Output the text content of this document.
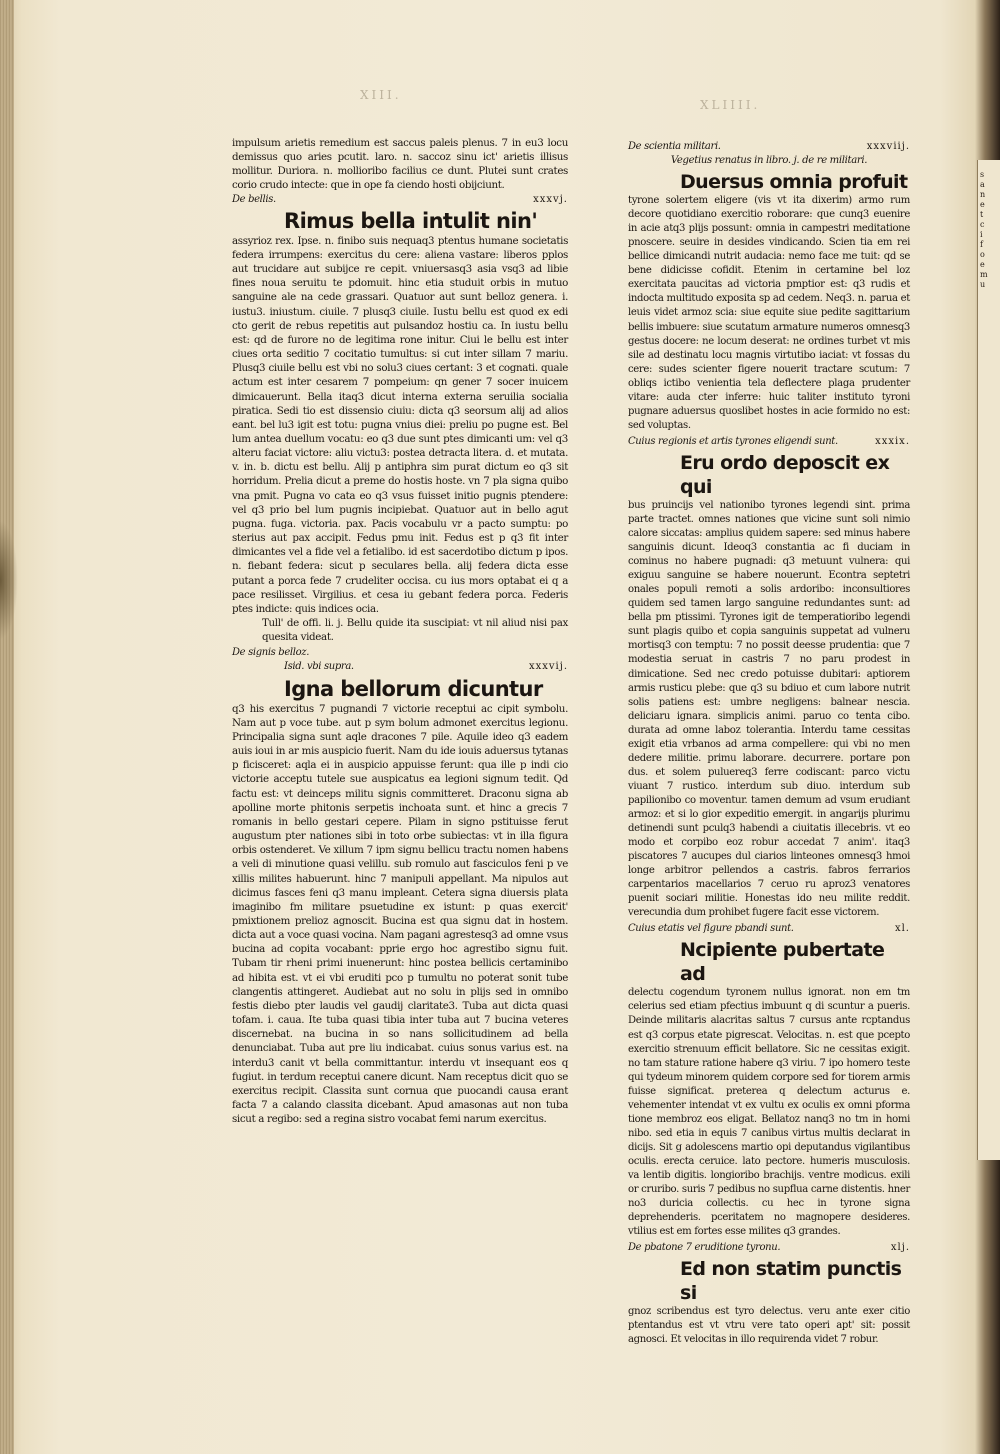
XIII.
XLIIII.

impulsum arietis remedium est saccus paleis plenus. 7 in eu3 locu demissus quo aries pcutit. laro. n. saccoz sinu ict' arietis illisus mollitur. Duriora. n. mollioribo facilius ce dunt. Plutei sunt crates corio crudo intecte: que in ope fa ciendo hosti obijciunt.

De bellis.	xxxvj.

Rimus bella intulit nin'

assyrioz rex. Ipse. n. finibo suis nequaq3 ptentus humane societatis federa irrumpens: exercitus du cere: aliena vastare: liberos pplos aut trucidare aut subijce re cepit. vniuersasq3 asia vsq3 ad libie fines noua seruitu te pdomuit. hinc etia studuit orbis in mutuo sanguine ale na cede grassari. Quatuor aut sunt belloz genera. i. iustu3. iniustum. ciuile. 7 plusq3 ciuile. Iustu bellu est quod ex edi cto gerit de rebus repetitis aut pulsandoz hostiu ca. In iustu bellu est: qd de furore no de legitima rone initur. Ciui le bellu est inter ciues orta seditio 7 cocitatio tumultus: si cut inter sillam 7 mariu. Plusq3 ciuile bellu est vbi no solu3 ciues certant: 3 et cognati. quale actum est inter cesarem 7 pompeium: qn gener 7 socer inuicem dimicauerunt. Bella itaq3 dicut interna externa seruilia socialia piratica. Sedi tio est dissensio ciuiu: dicta q3 seorsum alij ad alios eant. bel lu3 igit est totu: pugna vnius diei: preliu po pugne est. Bel lum antea duellum vocatu: eo q3 due sunt ptes dimicanti um: vel q3 alteru faciat victore: aliu victu3: postea detracta litera. d. et mutata. v. in. b. dictu est bellu. Alij p antiphra sim purat dictum eo q3 sit horridum. Prelia dicut a preme do hostis hoste. vn 7 pla signa quibo vna pmit. Pugna vo cata eo q3 vsus fuisset initio pugnis ptendere: vel q3 prio bel lum pugnis incipiebat. Quatuor aut in bello agut pugna. fuga. victoria. pax. Pacis vocabulu vr a pacto sumptu: po sterius aut pax accipit. Fedus pmu init. Fedus est p q3 fit inter dimicantes vel a fide vel a fetialibo. id est sacerdotibo dictum p ipos. n. fiebant federa: sicut p seculares bella. alij federa dicta esse putant a porca fede 7 crudeliter occisa. cu ius mors optabat ei q a pace resilisset. Virgilius. et cesa iu gebant federa porca. Federis ptes indicte: quis indices ocia.

Tull' de offi. li. j. Bellu quide ita suscipiat: vt nil aliud nisi pax quesita videat.

De signis belloz.

Isid. vbi supra.	xxxvij.

Igna bellorum dicuntur

q3 his exercitus 7 pugnandi 7 victorie receptui ac cipit symbolu. Nam aut p voce tube. aut p sym bolum admonet exercitus legionu. Principalia signa sunt aqle dracones 7 pile. Aquile ideo q3 eadem auis ioui in ar mis auspicio fuerit. Nam du ide iouis aduersus tytanas p ficisceret: aqla ei in auspicio appuisse ferunt: qua ille p indi cio victorie acceptu tutele sue auspicatus ea legioni signum tedit. Qd factu est: vt deinceps militu signis committeret. Draconu signa ab apolline morte phitonis serpetis inchoata sunt. et hinc a grecis 7 romanis in bello gestari cepere. Pilam in signo pstituisse ferut augustum pter nationes sibi in toto orbe subiectas: vt in illa figura orbis ostenderet. Ve xillum 7 ipm signu bellicu tractu nomen habens a veli di minutione quasi velillu. sub romulo aut fasciculos feni p ve xillis milites habuerunt. hinc 7 manipuli appellant. Ma nipulos aut dicimus fasces feni q3 manu impleant. Cetera signa diuersis plata imaginibo fm militare psuetudine ex istunt: p quas exercit' pmixtionem prelioz agnoscit. Bucina est qua signu dat in hostem. dicta aut a voce quasi vocina. Nam pagani agrestesq3 ad omne vsus bucina ad copita vocabant: pprie ergo hoc agrestibo signu fuit. Tubam tir rheni primi inuenerunt: hinc postea bellicis certaminibo ad hibita est. vt ei vbi eruditi pco p tumultu no poterat sonit tube clangentis attingeret. Audiebat aut no solu in plijs sed in omnibo festis diebo pter laudis vel gaudij claritate3. Tuba aut dicta quasi tofam. i. caua. Ite tuba quasi tibia inter tuba aut 7 bucina veteres discernebat. na bucina in so nans sollicitudinem ad bella denunciabat. Tuba aut pre liu indicabat. cuius sonus varius est. na interdu3 canit vt bella committantur. interdu vt insequant eos q fugiut. in terdum receptui canere dicunt. Nam receptus dicit quo se exercitus recipit. Classita sunt cornua que puocandi causa erant facta 7 a calando classita dicebant. Apud amasonas aut non tuba sicut a regibo: sed a regina sistro vocabat femi narum exercitus.

De scientia militari.	xxxviij.

Vegetius renatus in libro. j. de re militari.

Duersus omnia profuit

tyrone solertem eligere (vis vt ita dixerim) armo rum decore quotidiano exercitio roborare: que cunq3 euenire in acie atq3 plijs possunt: omnia in campestri meditatione pnoscere. seuire in desides vindicando. Scien tia em rei bellice dimicandi nutrit audacia: nemo face me tuit: qd se bene didicisse cofidit. Etenim in certamine bel loz exercitata paucitas ad victoria pmptior est: q3 rudis et indocta multitudo exposita sp ad cedem. Neq3. n. parua et leuis videt armoz scia: siue equite siue pedite sagittarium bellis imbuere: siue scutatum armature numeros omnesq3 gestus docere: ne locum deserat: ne ordines turbet vt mis sile ad destinatu locu magnis virtutibo iaciat: vt fossas du cere: sudes scienter figere nouerit tractare scutum: 7 obliqs ictibo venientia tela deflectere plaga prudenter vitare: auda cter inferre: huic taliter instituto tyroni pugnare aduersus quoslibet hostes in acie formido no est: sed voluptas.

Cuius regionis et artis tyrones eligendi sunt.	xxxix.

Eru ordo deposcit ex qui

bus pruincijs vel nationibo tyrones legendi sint. prima parte tractet. omnes nationes que vicine sunt soli nimio calore siccatas: amplius quidem sapere: sed minus habere sanguinis dicunt. Ideoq3 constantia ac fi duciam in cominus no habere pugnadi: q3 metuunt vulnera: qui exiguu sanguine se habere nouerunt. Econtra septetri onales populi remoti a solis ardoribo: inconsultiores quidem sed tamen largo sanguine redundantes sunt: ad bella pm ptissimi. Tyrones igit de temperatioribo legendi sunt plagis quibo et copia sanguinis suppetat ad vulneru mortisq3 con temptu: 7 no possit deesse prudentia: que 7 modestia seruat in castris 7 no paru prodest in dimicatione. Sed nec credo potuisse dubitari: aptiorem armis rusticu plebe: que q3 su bdiuo et cum labore nutrit solis patiens est: umbre negligens: balnear nescia. deliciaru ignara. simplicis animi. paruo co tenta cibo. durata ad omne laboz tolerantia. Interdu tame cessitas exigit etia vrbanos ad arma compellere: qui vbi no men dedere militie. primu laborare. decurrere. portare pon dus. et solem puluereq3 ferre codiscant: parco victu viuant 7 rustico. interdum sub diuo. interdum sub papilionibo co moventur. tamen demum ad vsum erudiant armoz: et si lo gior expeditio emergit. in angarijs plurimu detinendi sunt pculq3 habendi a ciuitatis illecebris. vt eo modo et corpibo eoz robur accedat 7 anim'. itaq3 piscatores 7 aucupes dul ciarios linteones omnesq3 hmoi longe arbitror pellendos a castris. fabros ferrarios carpentarios macellarios 7 ceruo ru aproz3 venatores puenit sociari militie. Honestas ido neu milite reddit. verecundia dum prohibet fugere facit esse victorem.

Cuius etatis vel figure pbandi sunt.	xl.

Ncipiente pubertate ad

delectu cogendum tyronem nullus ignorat. non em tm celerius sed etiam pfectius imbuunt q di scuntur a pueris. Deinde militaris alacritas saltus 7 cursus ante rcptandus est q3 corpus etate pigrescat. Velocitas. n. est que pcepto exercitio strenuum efficit bellatore. Sic ne cessitas exigit. no tam stature ratione habere q3 viriu. 7 ipo homero teste qui tydeum minorem quidem corpore sed for tiorem armis fuisse significat. preterea q delectum acturus e. vehementer intendat vt ex vultu ex oculis ex omni pforma tione membroz eos eligat. Bellatoz nanq3 no tm in homi nibo. sed etia in equis 7 canibus virtus multis declarat in dicijs. Sit g adolescens martio opi deputandus vigilantibus oculis. erecta ceruice. lato pectore. humeris musculosis. va lentib digitis. longioribo brachijs. ventre modicus. exili or cruribo. suris 7 pedibus no supflua carne distentis. hner no3 duricia collectis. cu hec in tyrone signa deprehenderis. pceritatem no magnopere desideres. vtilius est em fortes esse milites q3 grandes.

De pbatone 7 eruditione tyronu.	xlj.

Ed non statim punctis si

gnoz scribendus est tyro delectus. veru ante exer citio ptentandus est vt vtru vere tato operi apt' sit: possit agnosci. Et velocitas in illo requirenda videt 7 robur.

s
a
n
e
t
c
i
f
o
e
m
u
